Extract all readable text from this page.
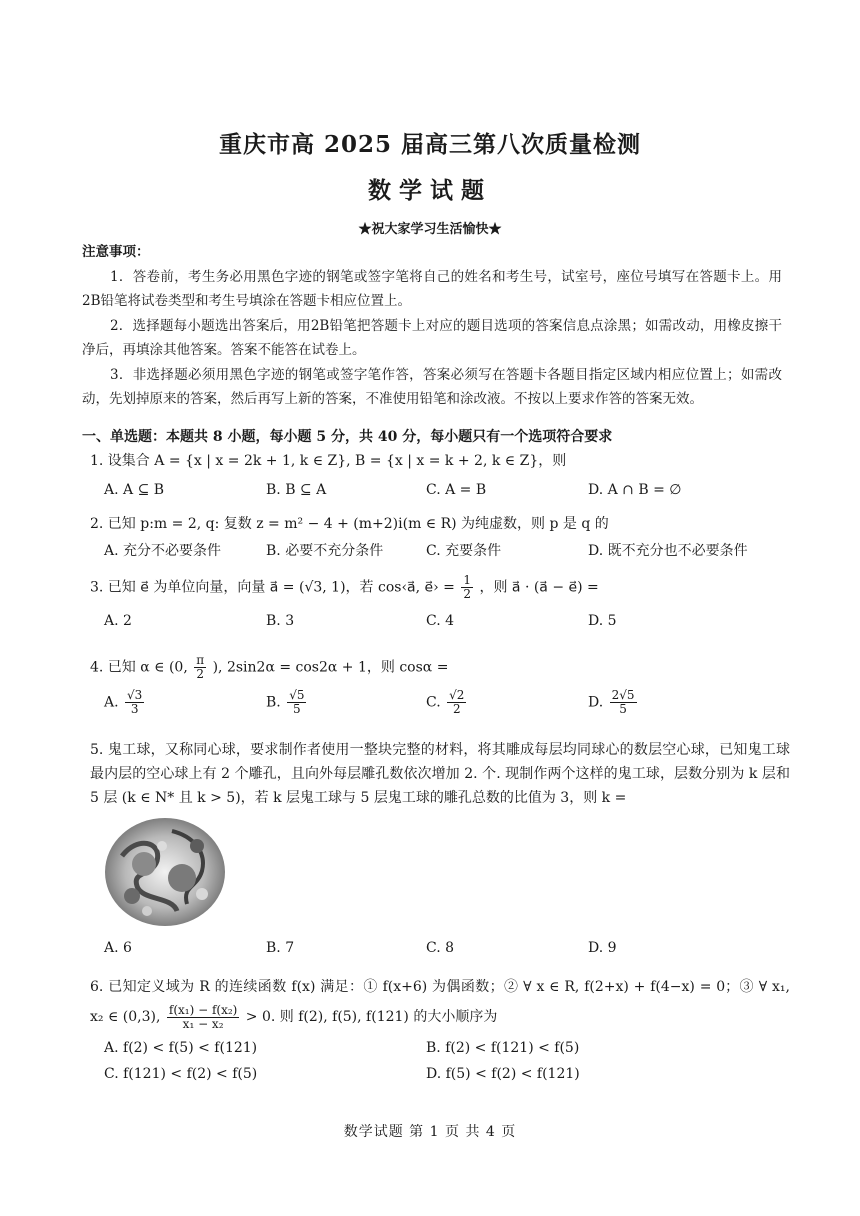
重庆市高 2025 届高三第八次质量检测
数学试题
★祝大家学习生活愉快★
注意事项：

1．答卷前，考生务必用黑色字迹的钢笔或签字笔将自己的姓名和考生号，试室号，座位号填写在答题卡上。用2B铅笔将试卷类型和考生号填涂在答题卡相应位置上。

2．选择题每小题选出答案后，用2B铅笔把答题卡上对应的题目选项的答案信息点涂黑；如需改动，用橡皮擦干净后，再填涂其他答案。答案不能答在试卷上。

3．非选择题必须用黑色字迹的钢笔或签字笔作答，答案必须写在答题卡各题目指定区域内相应位置上；如需改动，先划掉原来的答案，然后再写上新的答案，不准使用铅笔和涂改液。不按以上要求作答的答案无效。

一、单选题：本题共 8 小题，每小题 5 分，共 40 分，每小题只有一个选项符合要求

1. 设集合 A = {x | x = 2k + 1, k ∈ Z}, B = {x | x = k + 2, k ∈ Z}，则

A. A ⊆ B	B. B ⊆ A	C. A = B	D. A ∩ B = ∅

2. 已知 p:m = 2, q: 复数 z = m² − 4 + (m+2)i(m ∈ R) 为纯虚数，则 p 是 q 的

A. 充分不必要条件	B. 必要不充分条件	C. 充要条件	D. 既不充分也不必要条件

3. 已知 e⃗ 为单位向量，向量 a⃗ = (√3, 1)，若 cos‹a⃗, e⃗› = $\frac{1}{2}$ ，则 a⃗ · (a⃗ − e⃗) =

A. 2	B. 3	C. 4	D. 5

4. 已知 α ∈ (0, $\frac{\pi}{2}$ ), 2sin2α = cos2α + 1，则 cosα =

A. $\frac{√3}{3}$	B. $\frac{√5}{5}$	C. $\frac{√2}{2}$	D. $\frac{2√5}{5}$

5. 鬼工球，又称同心球，要求制作者使用一整块完整的材料，将其雕成每层均同球心的数层空心球，已知鬼工球最内层的空心球上有 2 个雕孔，且向外每层雕孔数依次增加 2. 个. 现制作两个这样的鬼工球，层数分别为 k 层和 5 层 (k ∈ N* 且 k > 5)，若 k 层鬼工球与 5 层鬼工球的雕孔总数的比值为 3，则 k =

A. 6	B. 7	C. 8	D. 9

6. 已知定义域为 R 的连续函数 f(x) 满足：① f(x+6) 为偶函数；② ∀ x ∈ R, f(2+x) + f(4−x) = 0；③ ∀ x₁, x₂ ∈ (0,3), $\frac{\text{f(x₁) − f(x₂)}}{\text{x₁ − x₂}} > 0$. 则 f(2), f(5), f(121) 的大小顺序为

A. f(2) < f(5) < f(121)	B. f(2) < f(121) < f(5)
C. f(121) < f(2) < f(5)	D. f(5) < f(2) < f(121)
数学试题 第 1 页 共 4 页
